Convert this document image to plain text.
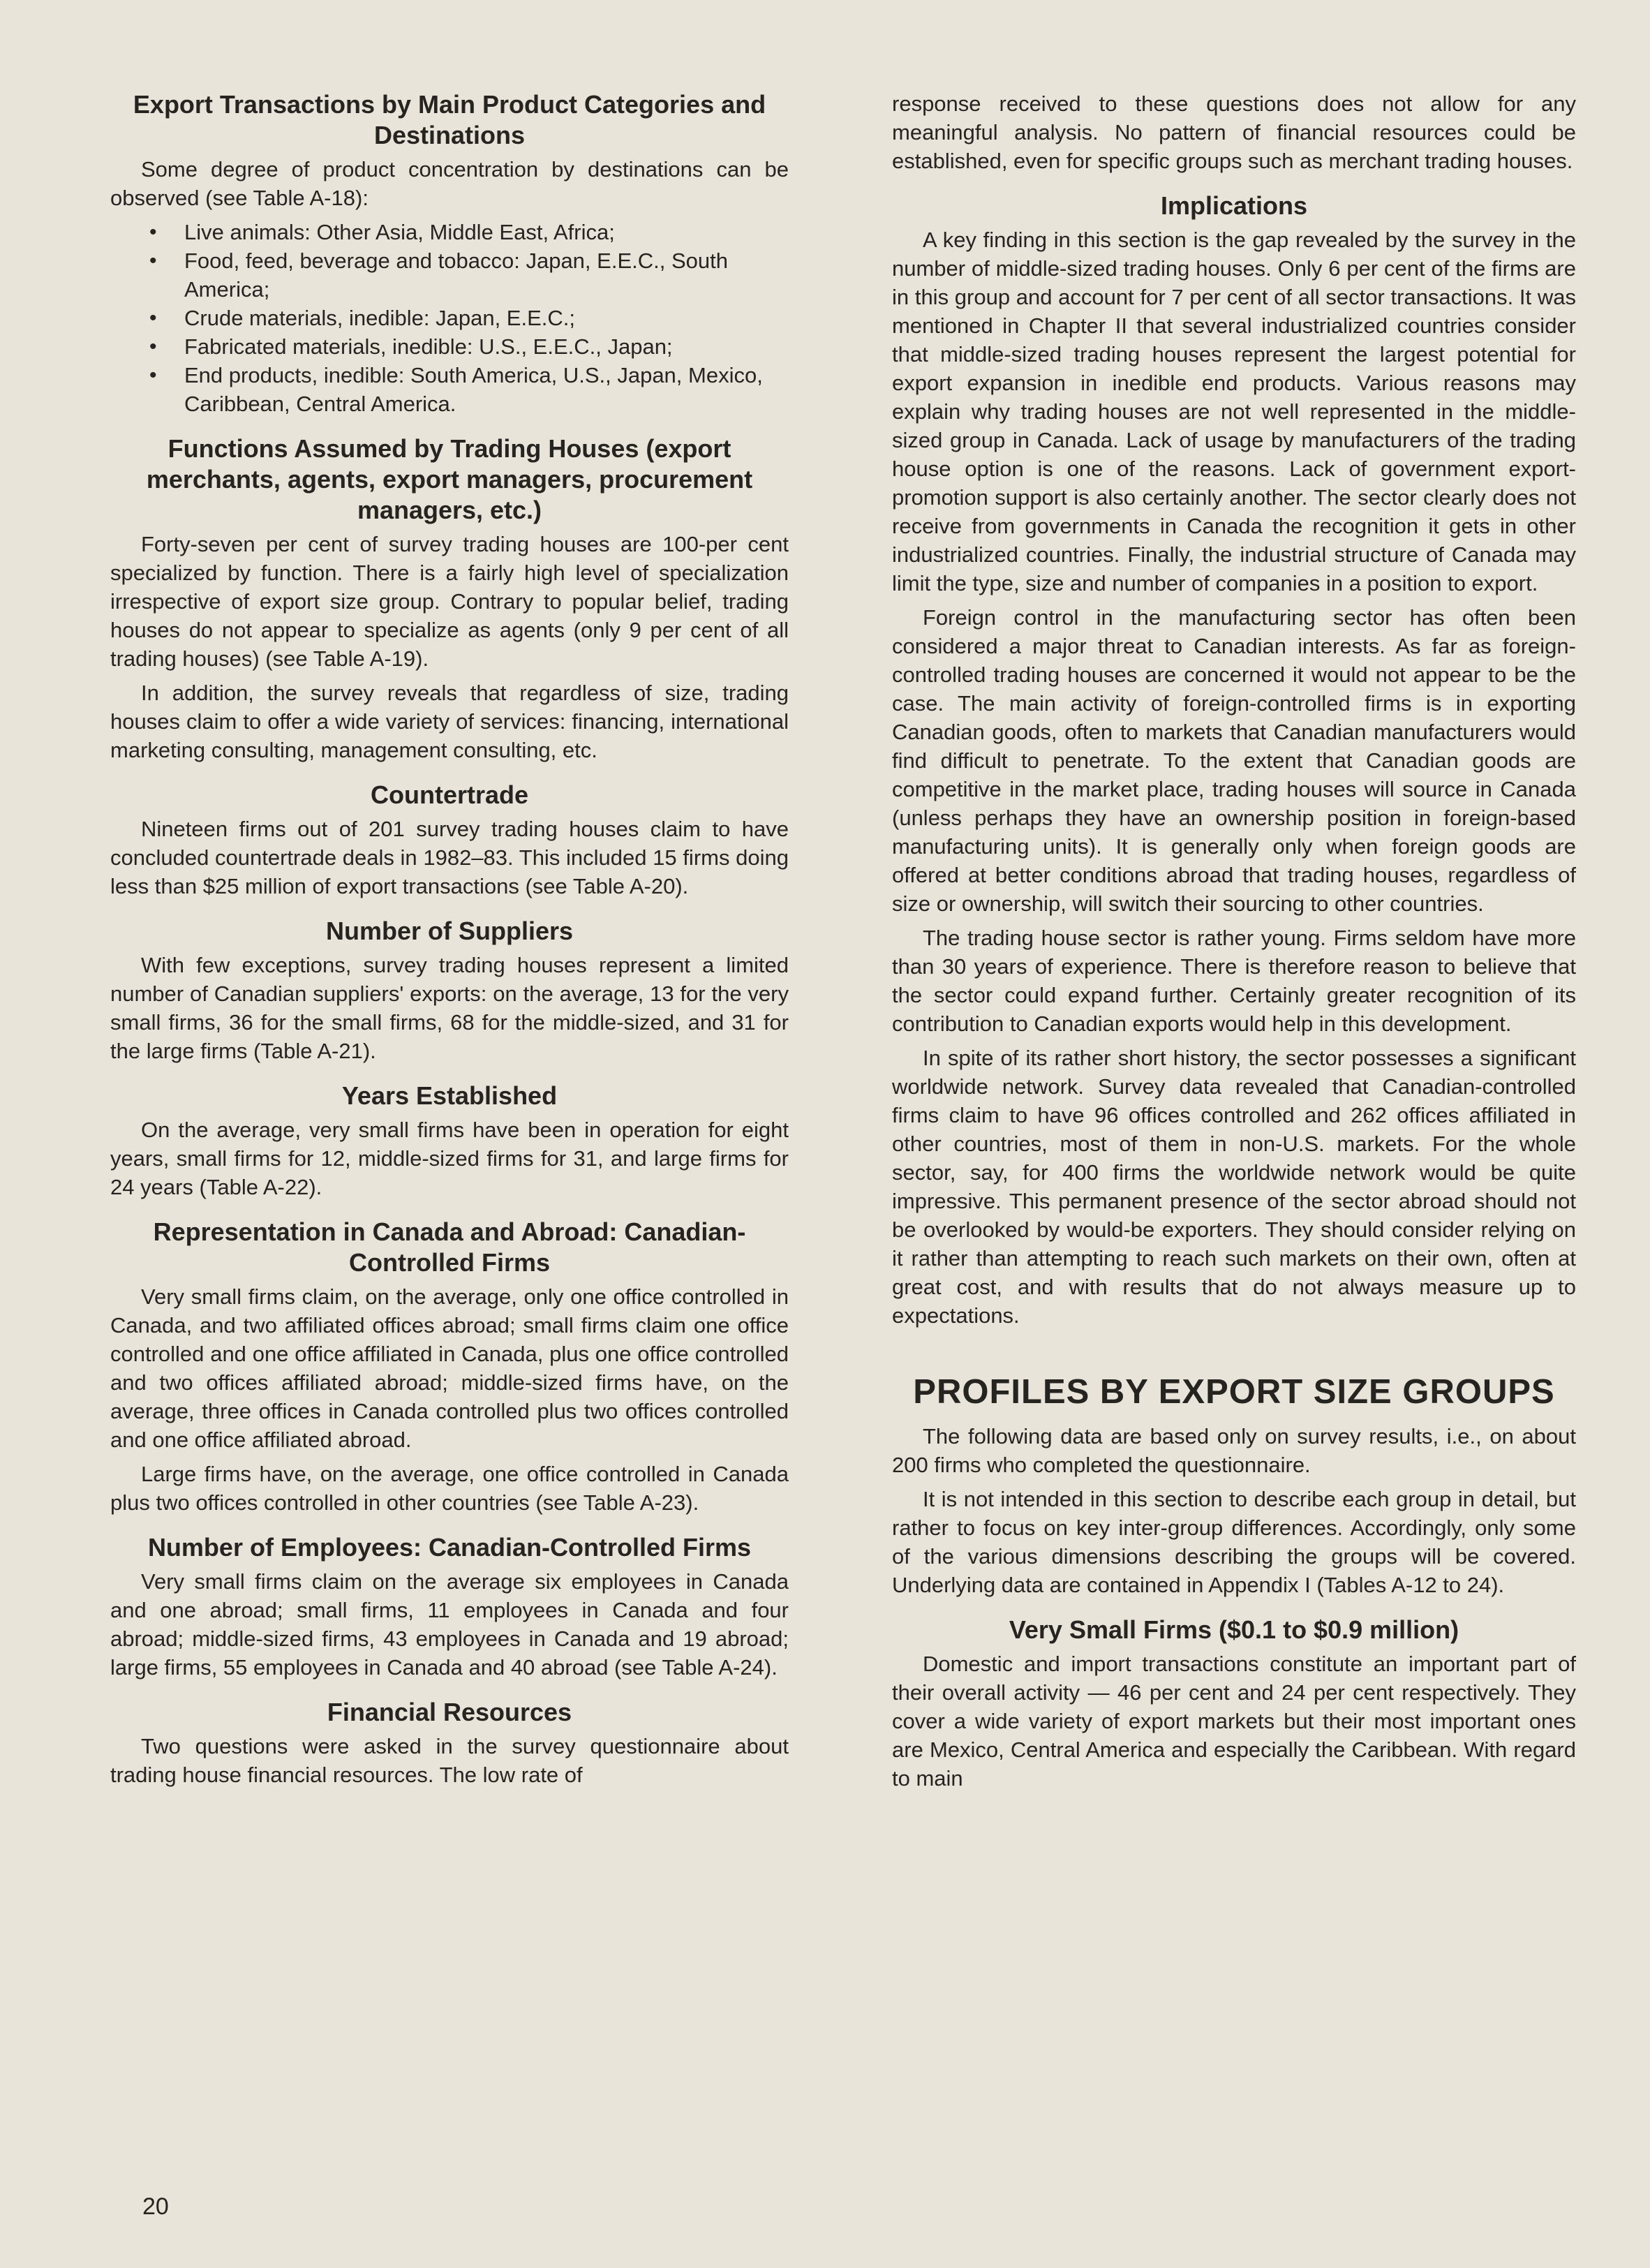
Export Transactions by Main Product Categories and Destinations

Some degree of product concentration by destinations can be observed (see Table A-18):

• Live animals: Other Asia, Middle East, Africa;
• Food, feed, beverage and tobacco: Japan, E.E.C., South America;
• Crude materials, inedible: Japan, E.E.C.;
• Fabricated materials, inedible: U.S., E.E.C., Japan;
• End products, inedible: South America, U.S., Japan, Mexico, Caribbean, Central America.
Functions Assumed by Trading Houses (export merchants, agents, export managers, procurement managers, etc.)

Forty-seven per cent of survey trading houses are 100-per cent specialized by function. There is a fairly high level of specialization irrespective of export size group. Contrary to popular belief, trading houses do not appear to specialize as agents (only 9 per cent of all trading houses) (see Table A-19).

In addition, the survey reveals that regardless of size, trading houses claim to offer a wide variety of services: financing, international marketing consulting, management consulting, etc.

Countertrade

Nineteen firms out of 201 survey trading houses claim to have concluded countertrade deals in 1982–83. This included 15 firms doing less than $25 million of export transactions (see Table A-20).

Number of Suppliers

With few exceptions, survey trading houses represent a limited number of Canadian suppliers' exports: on the average, 13 for the very small firms, 36 for the small firms, 68 for the middle-sized, and 31 for the large firms (Table A-21).

Years Established

On the average, very small firms have been in operation for eight years, small firms for 12, middle-sized firms for 31, and large firms for 24 years (Table A-22).

Representation in Canada and Abroad: Canadian-Controlled Firms

Very small firms claim, on the average, only one office controlled in Canada, and two affiliated offices abroad; small firms claim one office controlled and one office affiliated in Canada, plus one office controlled and two offices affiliated abroad; middle-sized firms have, on the average, three offices in Canada controlled plus two offices controlled and one office affiliated abroad.

Large firms have, on the average, one office controlled in Canada plus two offices controlled in other countries (see Table A-23).

Number of Employees: Canadian-Controlled Firms

Very small firms claim on the average six employees in Canada and one abroad; small firms, 11 employees in Canada and four abroad; middle-sized firms, 43 employees in Canada and 19 abroad; large firms, 55 employees in Canada and 40 abroad (see Table A-24).

Financial Resources

Two questions were asked in the survey questionnaire about trading house financial resources. The low rate of

response received to these questions does not allow for any meaningful analysis. No pattern of financial resources could be established, even for specific groups such as merchant trading houses.

Implications

A key finding in this section is the gap revealed by the survey in the number of middle-sized trading houses. Only 6 per cent of the firms are in this group and account for 7 per cent of all sector transactions. It was mentioned in Chapter II that several industrialized countries consider that middle-sized trading houses represent the largest potential for export expansion in inedible end products. Various reasons may explain why trading houses are not well represented in the middle-sized group in Canada. Lack of usage by manufacturers of the trading house option is one of the reasons. Lack of government export-promotion support is also certainly another. The sector clearly does not receive from governments in Canada the recognition it gets in other industrialized countries. Finally, the industrial structure of Canada may limit the type, size and number of companies in a position to export.

Foreign control in the manufacturing sector has often been considered a major threat to Canadian interests. As far as foreign-controlled trading houses are concerned it would not appear to be the case. The main activity of foreign-controlled firms is in exporting Canadian goods, often to markets that Canadian manufacturers would find difficult to penetrate. To the extent that Canadian goods are competitive in the market place, trading houses will source in Canada (unless perhaps they have an ownership position in foreign-based manufacturing units). It is generally only when foreign goods are offered at better conditions abroad that trading houses, regardless of size or ownership, will switch their sourcing to other countries.

The trading house sector is rather young. Firms seldom have more than 30 years of experience. There is therefore reason to believe that the sector could expand further. Certainly greater recognition of its contribution to Canadian exports would help in this development.

In spite of its rather short history, the sector possesses a significant worldwide network. Survey data revealed that Canadian-controlled firms claim to have 96 offices controlled and 262 offices affiliated in other countries, most of them in non-U.S. markets. For the whole sector, say, for 400 firms the worldwide network would be quite impressive. This permanent presence of the sector abroad should not be overlooked by would-be exporters. They should consider relying on it rather than attempting to reach such markets on their own, often at great cost, and with results that do not always measure up to expectations.

PROFILES BY EXPORT SIZE GROUPS

The following data are based only on survey results, i.e., on about 200 firms who completed the questionnaire.

It is not intended in this section to describe each group in detail, but rather to focus on key inter-group differences. Accordingly, only some of the various dimensions describing the groups will be covered. Underlying data are contained in Appendix I (Tables A-12 to 24).

Very Small Firms ($0.1 to $0.9 million)

Domestic and import transactions constitute an important part of their overall activity — 46 per cent and 24 per cent respectively. They cover a wide variety of export markets but their most important ones are Mexico, Central America and especially the Caribbean. With regard to main

20
